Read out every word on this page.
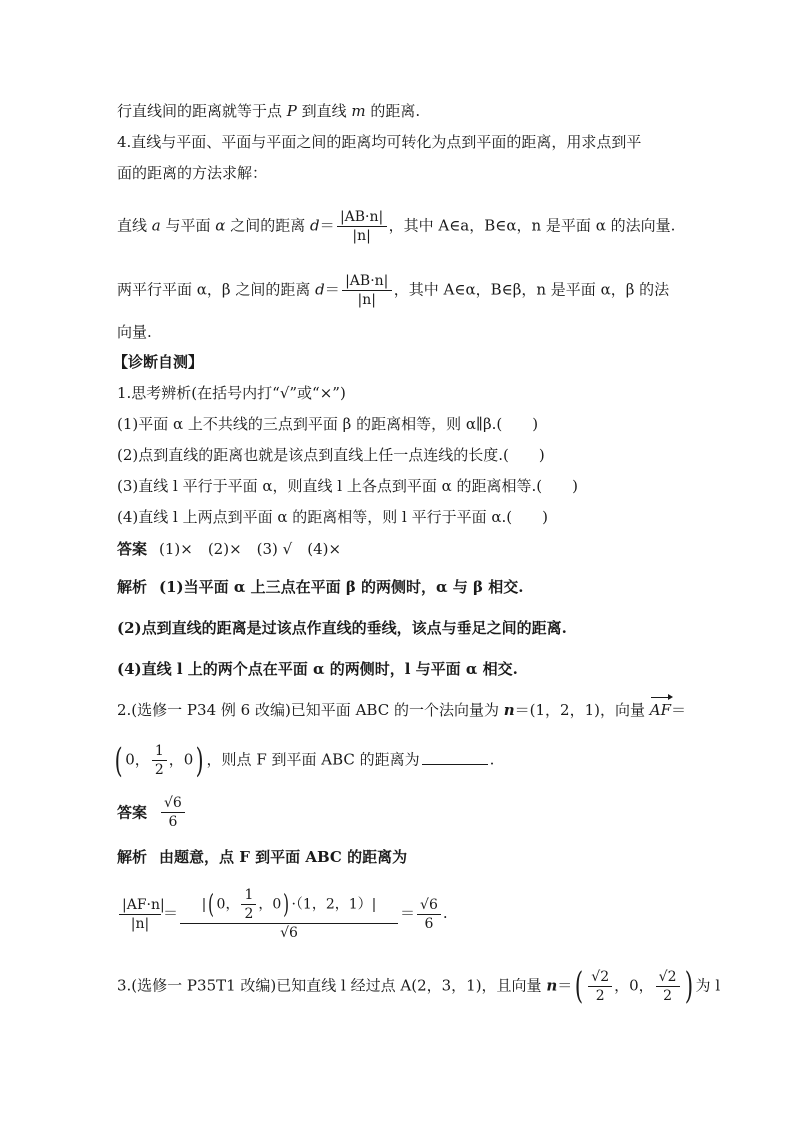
行直线间的距离就等于点 P 到直线 m 的距离.
4.直线与平面、平面与平面之间的距离均可转化为点到平面的距离，用求点到平
面的距离的方法求解：
直线 a 与平面 α 之间的距离 $d= \frac{|AB\cdot n|}{|n|}$ ，其中 A∈a，B∈α，n 是平面 α 的法向量.
两平行平面 α，β 之间的距离 $d= \frac{|AB\cdot n|}{|n|}$ ，其中 A∈α，B∈β，n 是平面 α，β 的法
向量.
【诊断自测】
1.思考辨析(在括号内打“√”或“×”)
(1)平面 α 上不共线的三点到平面 β 的距离相等，则 α∥β.(　　)
(2)点到直线的距离也就是该点到直线上任一点连线的长度.(　　)
(3)直线 l 平行于平面 α，则直线 l 上各点到平面 α 的距离相等.(　　)
(4)直线 l 上两点到平面 α 的距离相等，则 l 平行于平面 α.(　　)
答案 (1)×　(2)×　(3) √　(4)×
解析 (1)当平面 α 上三点在平面 β 的两侧时，α 与 β 相交.
(2)点到直线的距离是过该点作直线的垂线，该点与垂足之间的距离.
(4)直线 l 上的两个点在平面 α 的两侧时，l 与平面 α 相交.
2.(选修一 P34 例 6 改编)已知平面 ABC 的一个法向量为 n＝(1，2，1)，向量 AF＝
( 0， $\frac{1}{2}$ ，0) ，则点 F 到平面 ABC 的距离为	.
答案 $\frac{√6}{6}$
解析 由题意，点 F 到平面 ABC 的距离为
$\frac{|AF\cdot n|}{|n|} = \frac{|( 0, \frac{1}{2} ,0) \cdot(1,2,1)|}{√6} = \frac{√6}{6}$ .
3.(选修一 P35T1 改编)已知直线 l 经过点 A(2，3，1)，且向量 $n=( \frac{√2}{2}$ ，0， $\frac{√2}{2}$ ) 为 l
